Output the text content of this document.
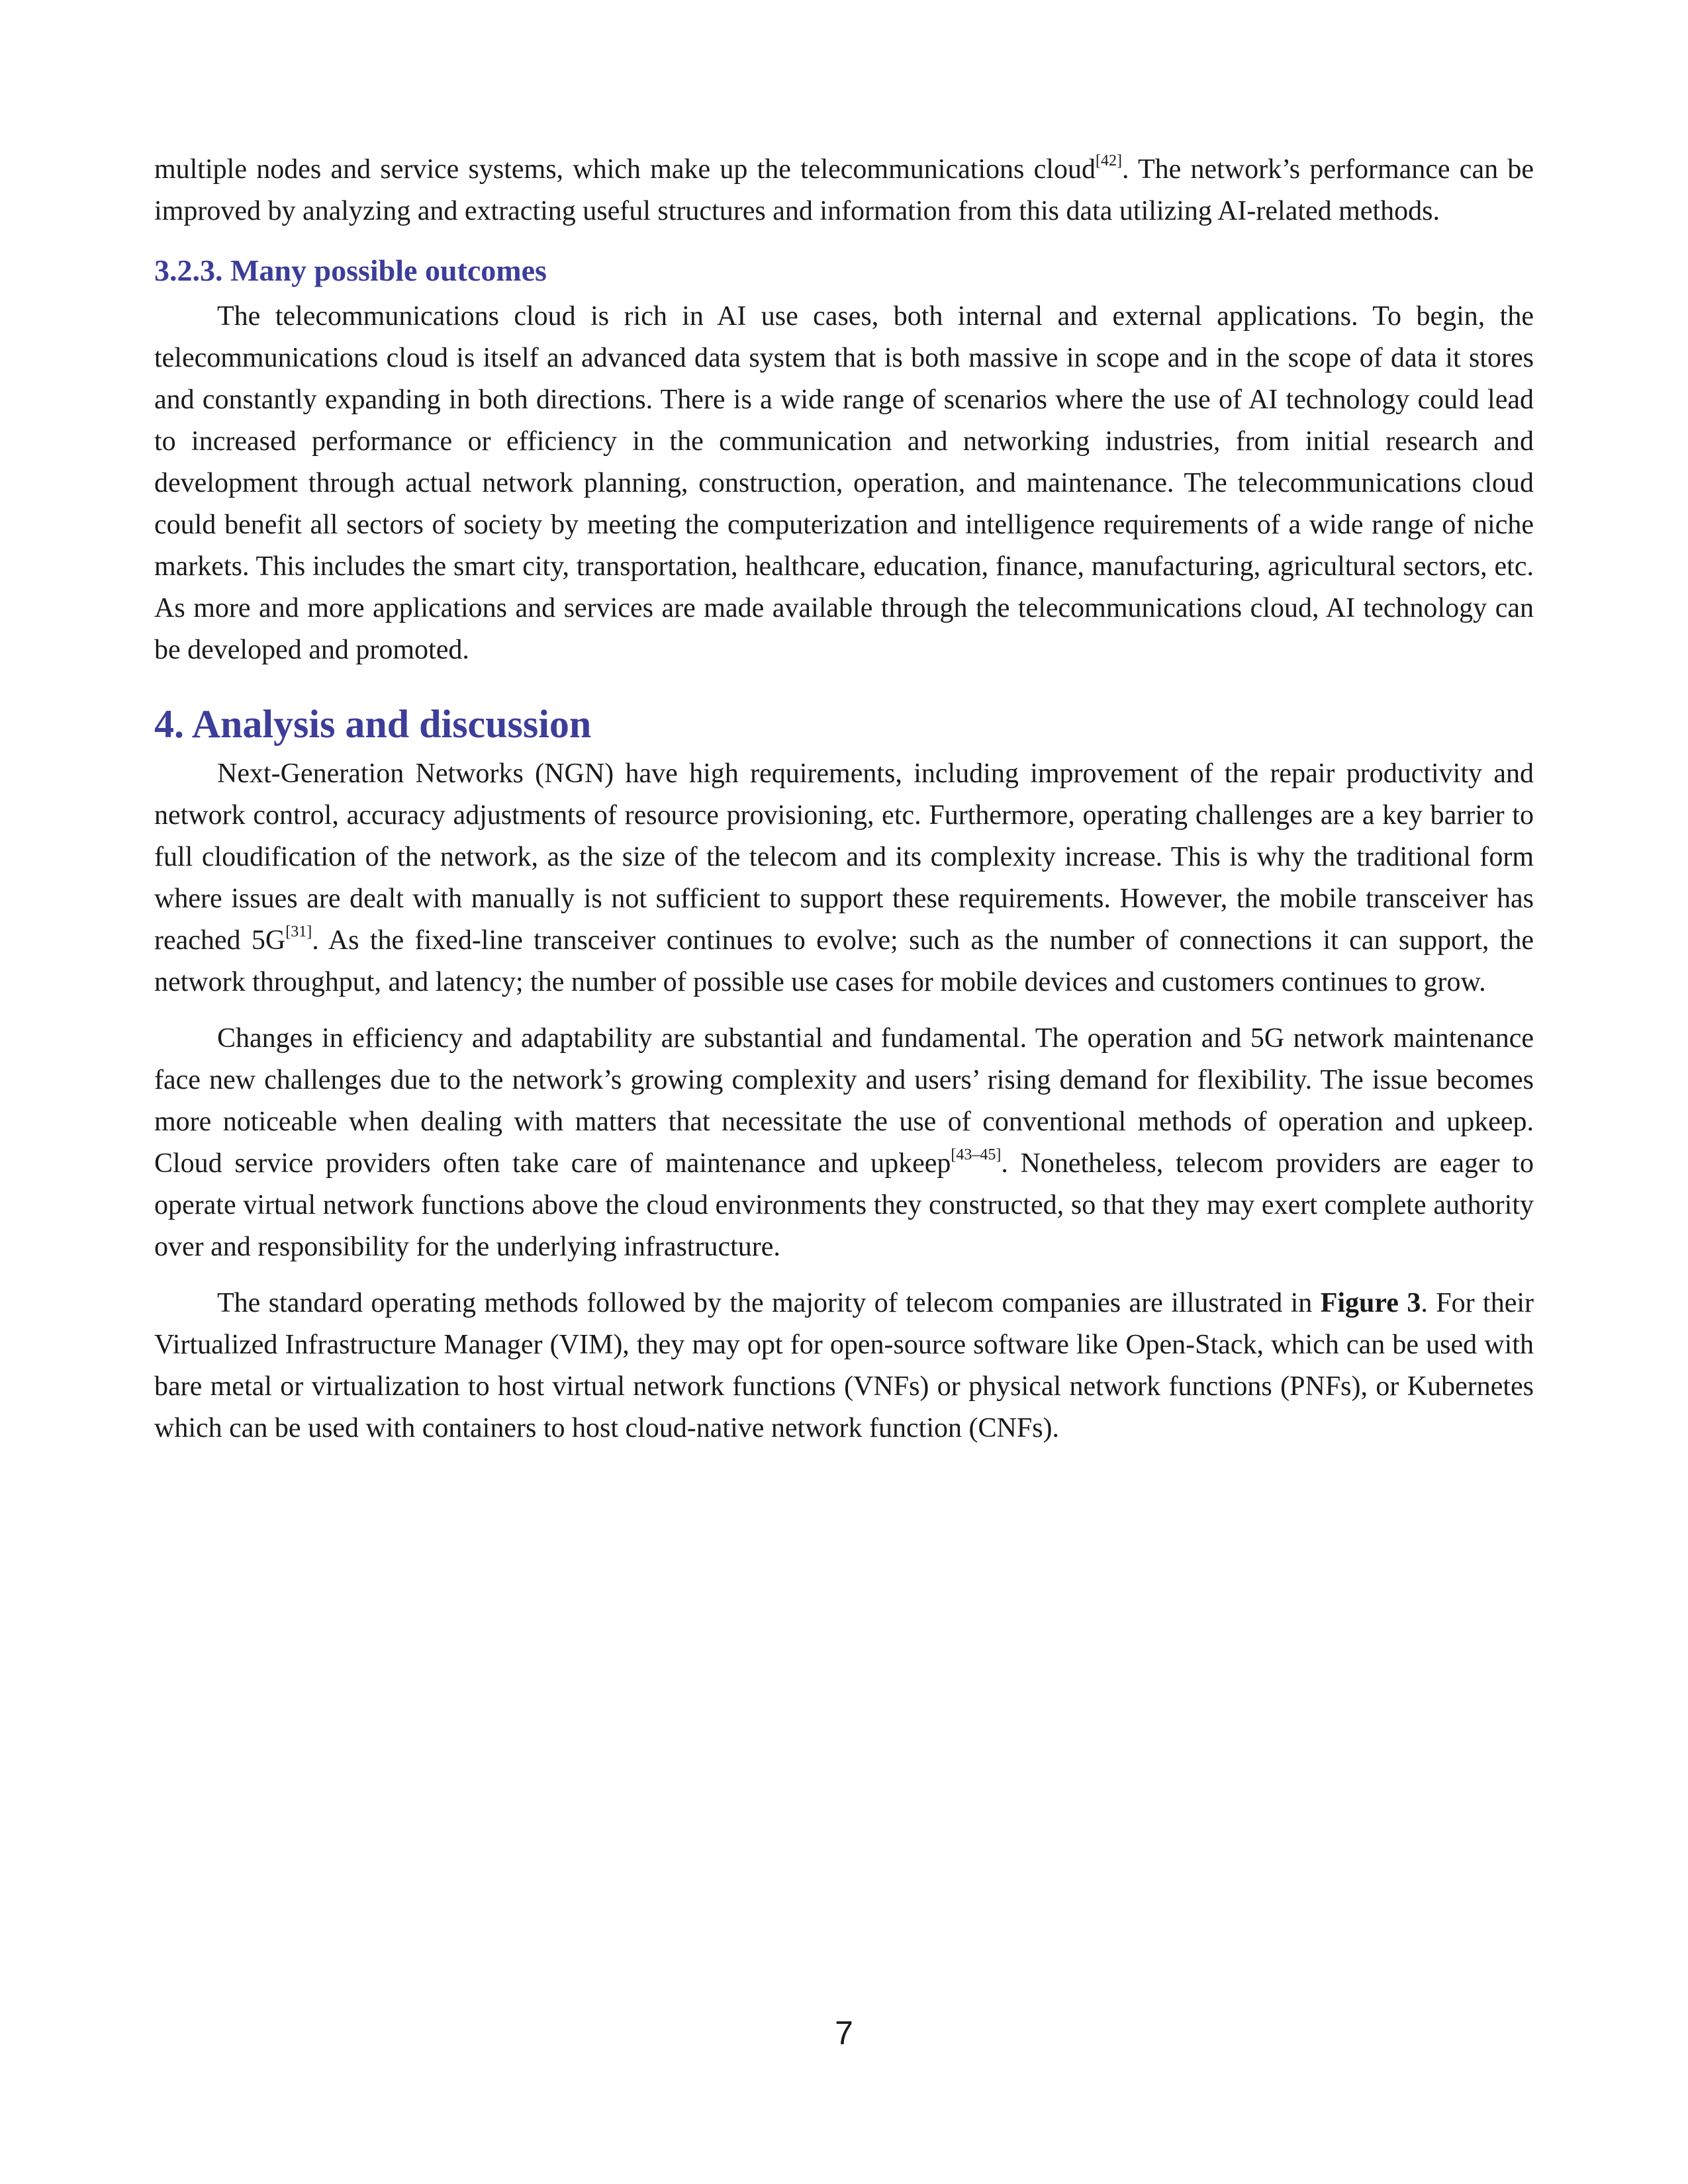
multiple nodes and service systems, which make up the telecommunications cloud[42]. The network’s performance can be improved by analyzing and extracting useful structures and information from this data utilizing AI-related methods.

3.2.3. Many possible outcomes

The telecommunications cloud is rich in AI use cases, both internal and external applications. To begin, the telecommunications cloud is itself an advanced data system that is both massive in scope and in the scope of data it stores and constantly expanding in both directions. There is a wide range of scenarios where the use of AI technology could lead to increased performance or efficiency in the communication and networking industries, from initial research and development through actual network planning, construction, operation, and maintenance. The telecommunications cloud could benefit all sectors of society by meeting the computerization and intelligence requirements of a wide range of niche markets. This includes the smart city, transportation, healthcare, education, finance, manufacturing, agricultural sectors, etc. As more and more applications and services are made available through the telecommunications cloud, AI technology can be developed and promoted.

4. Analysis and discussion

Next-Generation Networks (NGN) have high requirements, including improvement of the repair productivity and network control, accuracy adjustments of resource provisioning, etc. Furthermore, operating challenges are a key barrier to full cloudification of the network, as the size of the telecom and its complexity increase. This is why the traditional form where issues are dealt with manually is not sufficient to support these requirements. However, the mobile transceiver has reached 5G[31]. As the fixed-line transceiver continues to evolve; such as the number of connections it can support, the network throughput, and latency; the number of possible use cases for mobile devices and customers continues to grow.

Changes in efficiency and adaptability are substantial and fundamental. The operation and 5G network maintenance face new challenges due to the network’s growing complexity and users’ rising demand for flexibility. The issue becomes more noticeable when dealing with matters that necessitate the use of conventional methods of operation and upkeep. Cloud service providers often take care of maintenance and upkeep[43–45]. Nonetheless, telecom providers are eager to operate virtual network functions above the cloud environments they constructed, so that they may exert complete authority over and responsibility for the underlying infrastructure.

The standard operating methods followed by the majority of telecom companies are illustrated in Figure 3. For their Virtualized Infrastructure Manager (VIM), they may opt for open-source software like Open-Stack, which can be used with bare metal or virtualization to host virtual network functions (VNFs) or physical network functions (PNFs), or Kubernetes which can be used with containers to host cloud-native network function (CNFs).

7
